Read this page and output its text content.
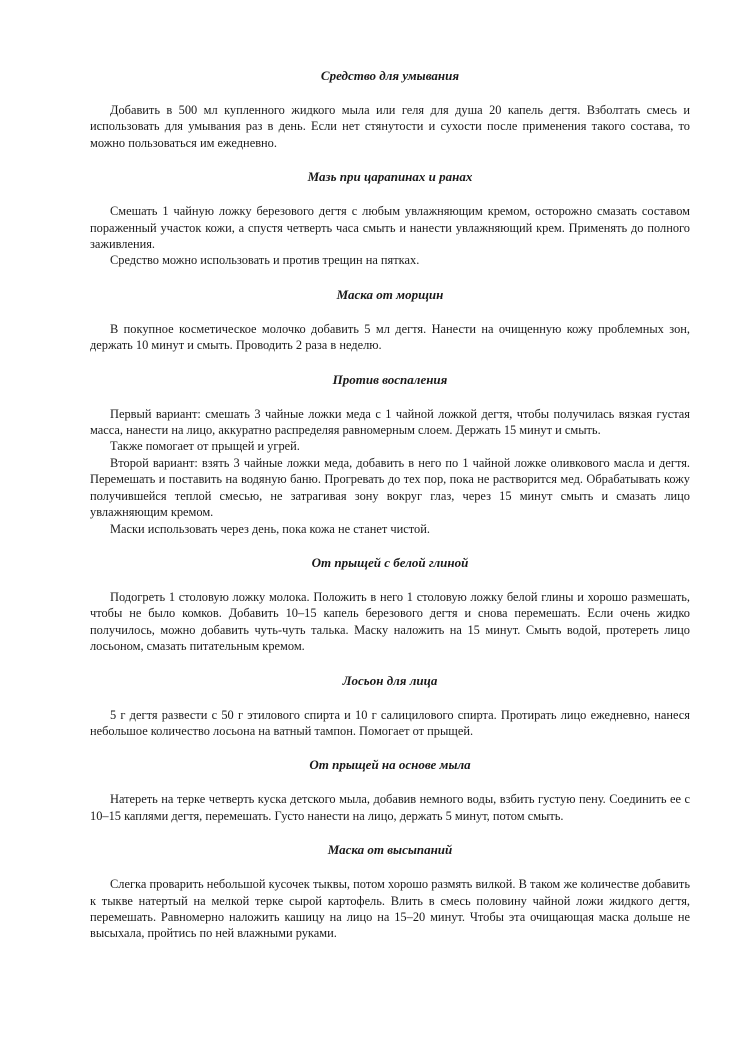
Средство для умывания

Добавить в 500 мл купленного жидкого мыла или геля для душа 20 капель дегтя. Взболтать смесь и использовать для умывания раз в день. Если нет стянутости и сухости после применения такого состава, то можно пользоваться им ежедневно.

Мазь при царапинах и ранах

Смешать 1 чайную ложку березового дегтя с любым увлажняющим кремом, осторожно смазать составом пораженный участок кожи, а спустя четверть часа смыть и нанести увлажняющий крем. Применять до полного заживления.

Средство можно использовать и против трещин на пятках.

Маска от морщин

В покупное косметическое молочко добавить 5 мл дегтя. Нанести на очищенную кожу проблемных зон, держать 10 минут и смыть. Проводить 2 раза в неделю.

Против воспаления

Первый вариант: смешать 3 чайные ложки меда с 1 чайной ложкой дегтя, чтобы получилась вязкая густая масса, нанести на лицо, аккуратно распределяя равномерным слоем. Держать 15 минут и смыть.

Также помогает от прыщей и угрей.

Второй вариант: взять 3 чайные ложки меда, добавить в него по 1 чайной ложке оливкового масла и дегтя. Перемешать и поставить на водяную баню. Прогревать до тех пор, пока не растворится мед. Обрабатывать кожу получившейся теплой смесью, не затрагивая зону вокруг глаз, через 15 минут смыть и смазать лицо увлажняющим кремом.

Маски использовать через день, пока кожа не станет чистой.

От прыщей с белой глиной

Подогреть 1 столовую ложку молока. Положить в него 1 столовую ложку белой глины и хорошо размешать, чтобы не было комков. Добавить 10–15 капель березового дегтя и снова перемешать. Если очень жидко получилось, можно добавить чуть-чуть талька. Маску наложить на 15 минут. Смыть водой, протереть лицо лосьоном, смазать питательным кремом.

Лосьон для лица

5 г дегтя развести с 50 г этилового спирта и 10 г салицилового спирта. Протирать лицо ежедневно, нанеся небольшое количество лосьона на ватный тампон. Помогает от прыщей.

От прыщей на основе мыла

Натереть на терке четверть куска детского мыла, добавив немного воды, взбить густую пену. Соединить ее с 10–15 каплями дегтя, перемешать. Густо нанести на лицо, держать 5 минут, потом смыть.

Маска от высыпаний

Слегка проварить небольшой кусочек тыквы, потом хорошо размять вилкой. В таком же количестве добавить к тыкве натертый на мелкой терке сырой картофель. Влить в смесь половину чайной ложи жидкого дегтя, перемешать. Равномерно наложить кашицу на лицо на 15–20 минут. Чтобы эта очищающая маска дольше не высыхала, пройтись по ней влажными руками.
